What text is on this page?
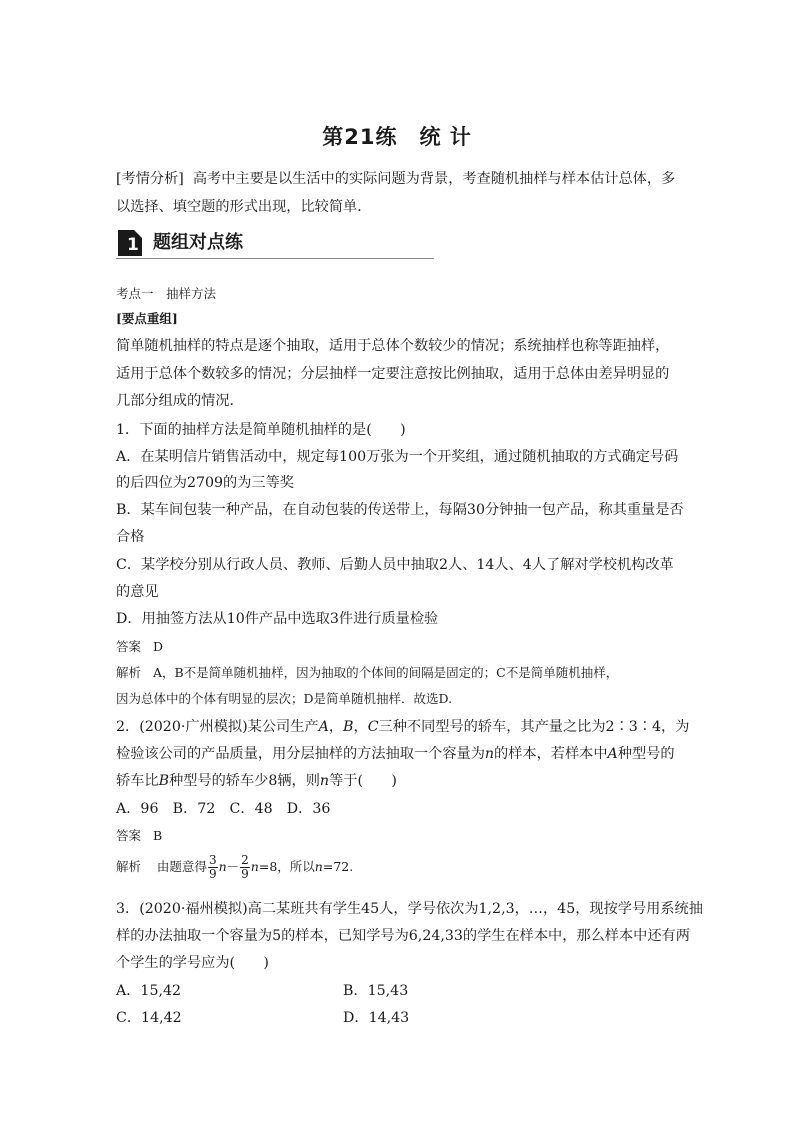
第21练 统 计
[考情分析] 高考中主要是以生活中的实际问题为背景，考查随机抽样与样本估计总体，多以选择、填空题的形式出现，比较简单．
1 题组对点练
考点一　抽样方法
[要点重组]
简单随机抽样的特点是逐个抽取，适用于总体个数较少的情况；系统抽样也称等距抽样，适用于总体个数较多的情况；分层抽样一定要注意按比例抽取，适用于总体由差异明显的几部分组成的情况．
1．下面的抽样方法是简单随机抽样的是(　　)
A．在某明信片销售活动中，规定每100万张为一个开奖组，通过随机抽取的方式确定号码
的后四位为2709的为三等奖
B．某车间包装一种产品，在自动包装的传送带上，每隔30分钟抽一包产品，称其重量是否
合格
C．某学校分别从行政人员、教师、后勤人员中抽取2人、14人、4人了解对学校机构改革
的意见
D．用抽签方法从10件产品中选取3件进行质量检验
答案 D
解析 A，B不是简单随机抽样，因为抽取的个体间的间隔是固定的；C不是简单随机抽样，
因为总体中的个体有明显的层次；D是简单随机抽样．故选D.
2．(2020·广州模拟)某公司生产A，B，C三种不同型号的轿车，其产量之比为2∶3∶4，为
检验该公司的产品质量，用分层抽样的方法抽取一个容量为n的样本，若样本中A种型号的
轿车比B种型号的轿车少8辆，则n等于(　　)
A．96　B．72　C．48　D．36
答案 B
解析 由题意得 $\frac{3}{9} n- \frac{2}{9} n=8$，所以n=72.
3．(2020·福州模拟)高二某班共有学生45人，学号依次为1,2,3，…，45，现按学号用系统抽
样的办法抽取一个容量为5的样本，已知学号为6,24,33的学生在样本中，那么样本中还有两
个学生的学号应为(　　)
A．15,42	B．15,43
C．14,42	D．14,43
